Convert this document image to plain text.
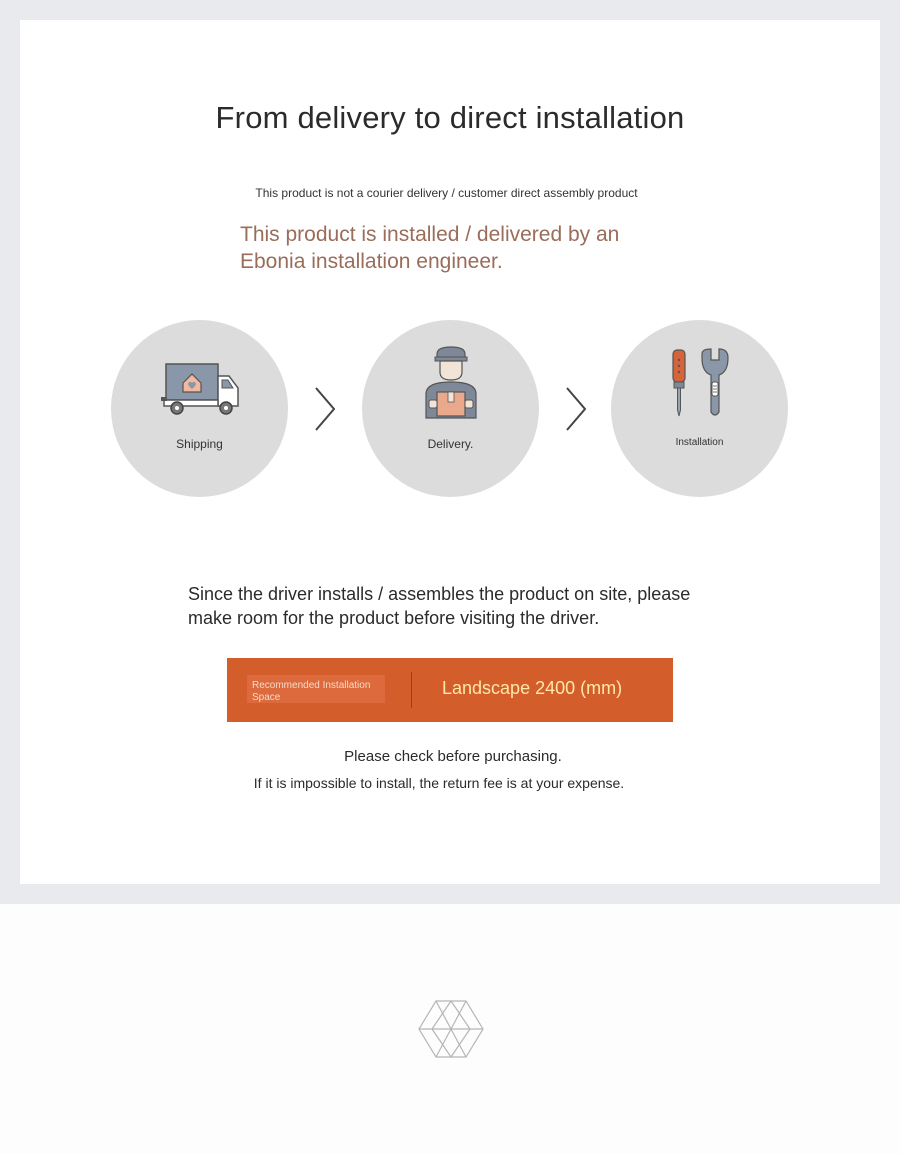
From delivery to direct installation
This product is not a courier delivery / customer direct assembly product
This product is installed / delivered by an Ebonia installation engineer.
Shipping	Delivery.	Installation
Since the driver installs / assembles the product on site, please make room for the product before visiting the driver.
Recommended Installation Space	Landscape 2400 (mm)
Please check before purchasing.
If it is impossible to install, the return fee is at your expense.
